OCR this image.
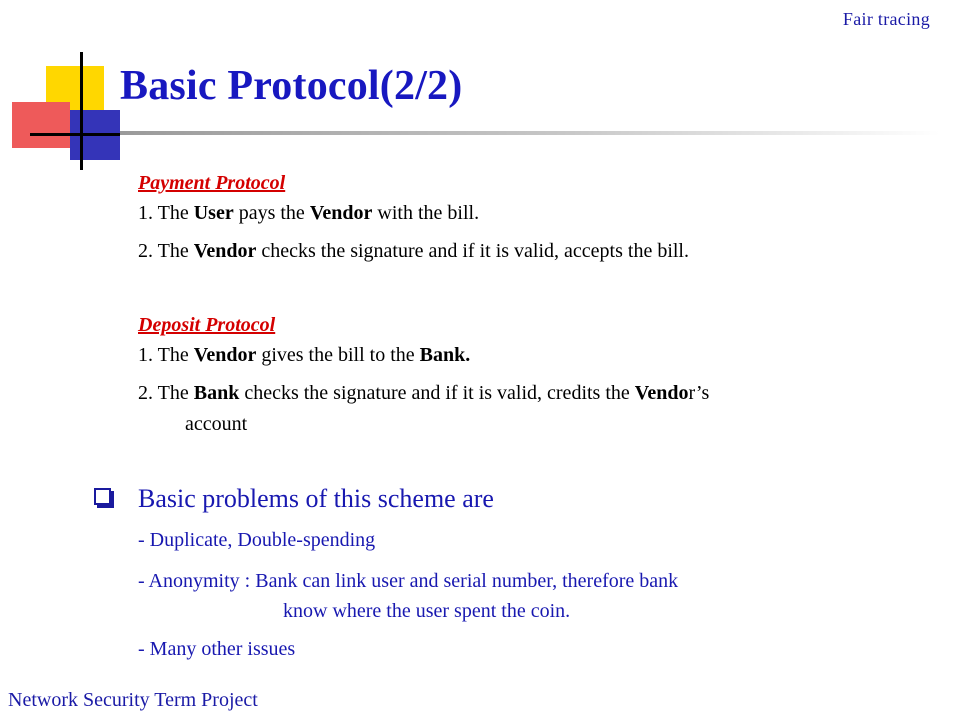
Fair tracing
Basic Protocol(2/2)
Payment Protocol
1. The User pays the Vendor with the bill.
2. The Vendor checks the signature and if it is valid, accepts the bill.
Deposit Protocol
1. The Vendor gives the bill to the Bank.
2. The Bank checks the signature and if it is valid, credits the Vendor’s
account
Basic problems of this scheme are
- Duplicate, Double-spending
- Anonymity : Bank can link user and serial number, therefore bank
know where the user spent the coin.
- Many other issues
Network Security Term Project
